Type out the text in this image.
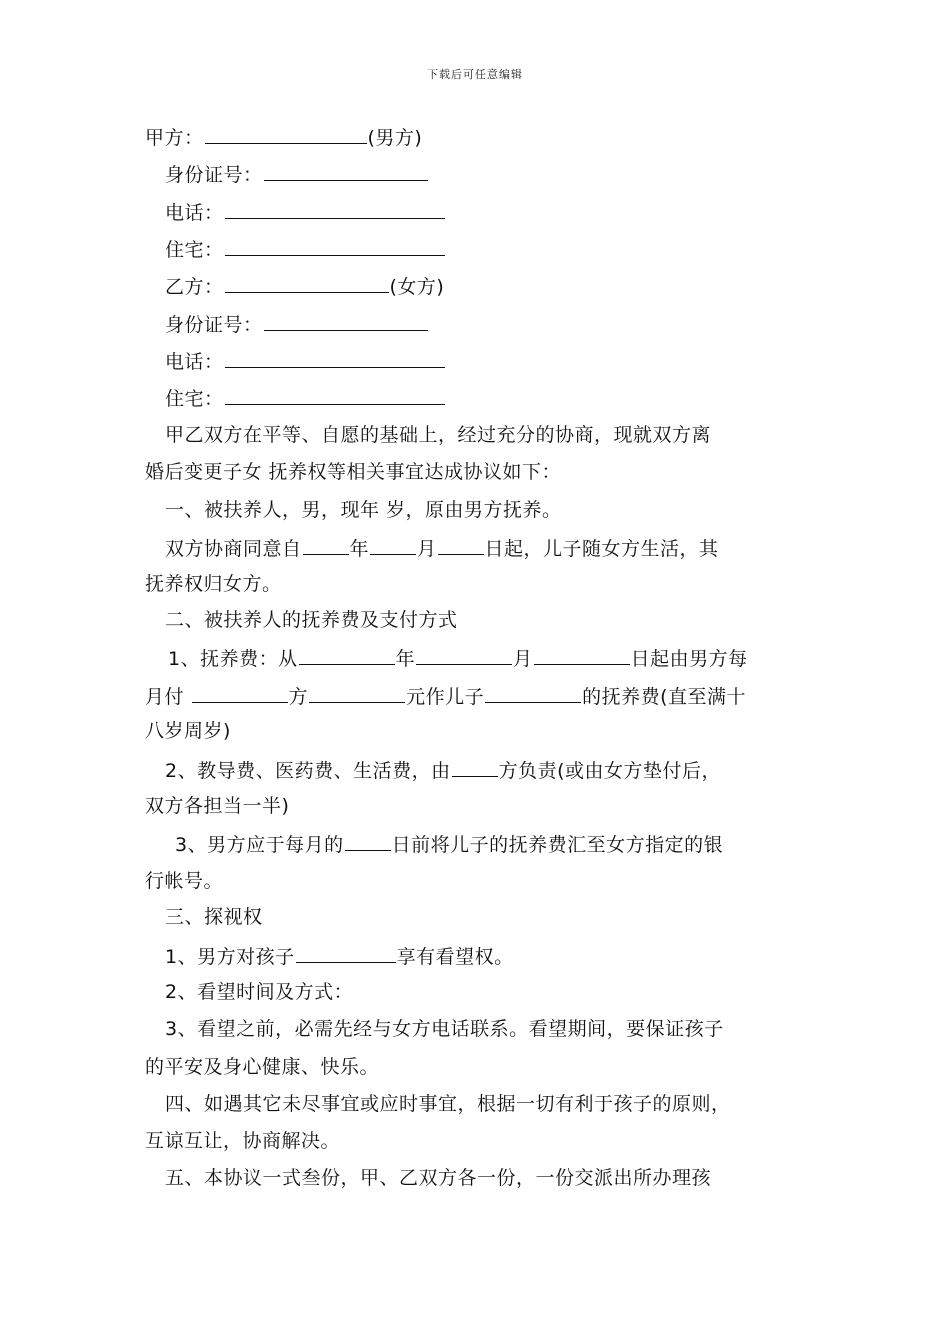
下载后可任意编辑
甲方：	(男方)
身份证号：
电话：
住宅：
乙方：	(女方)
身份证号：
电话：
住宅：
甲乙双方在平等、自愿的基础上，经过充分的协商，现就双方离
婚后变更子女 抚养权等相关事宜达成协议如下：
一、被扶养人，男，现年 岁，原由男方抚养。
双方协商同意自	年	月	日起，儿子随女方生活，其
抚养权归女方。
二、被扶养人的抚养费及支付方式
1、抚养费：从	年	月	日起由男方每
月付	方	元作儿子	的抚养费(直至满十
八岁周岁)
2、教导费、医药费、生活费，由	方负责(或由女方垫付后，
双方各担当一半)
3、男方应于每月的	日前将儿子的抚养费汇至女方指定的银
行帐号。
三、探视权
1、男方对孩子	享有看望权。
2、看望时间及方式：
3、看望之前，必需先经与女方电话联系。看望期间，要保证孩子
的平安及身心健康、快乐。
四、如遇其它未尽事宜或应时事宜，根据一切有利于孩子的原则，
互谅互让，协商解决。
五、本协议一式叁份，甲、乙双方各一份，一份交派出所办理孩
